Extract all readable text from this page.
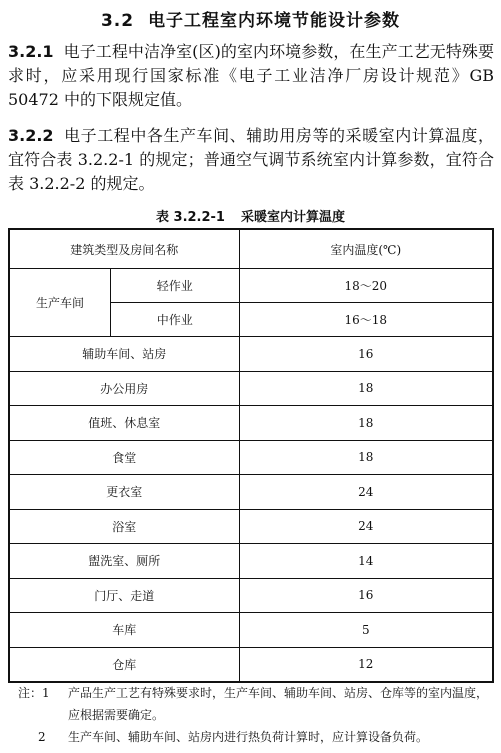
3.2 电子工程室内环境节能设计参数
3.2.1 电子工程中洁净室(区)的室内环境参数，在生产工艺无特殊要求时，应采用现行国家标准《电子工业洁净厂房设计规范》GB 50472 中的下限规定值。
3.2.2 电子工程中各生产车间、辅助用房等的采暖室内计算温度，宜符合表 3.2.2-1 的规定；普通空气调节系统室内计算参数，宜符合表 3.2.2-2 的规定。
表 3.2.2-1 采暖室内计算温度
建筑类型及房间名称		室内温度(℃)
生产车间	轻作业	18～20
	中作业	16～18
辅助车间、站房		16
办公用房		18
值班、休息室		18
食堂		18
更衣室		24
浴室		24
盥洗室、厕所		14
门厅、走道		16
车库		5
仓库		12
注：1 产品生产工艺有特殊要求时，生产车间、辅助车间、站房、仓库等的室内温度，应根据需要确定。
2 生产车间、辅助车间、站房内进行热负荷计算时，应计算设备负荷。
